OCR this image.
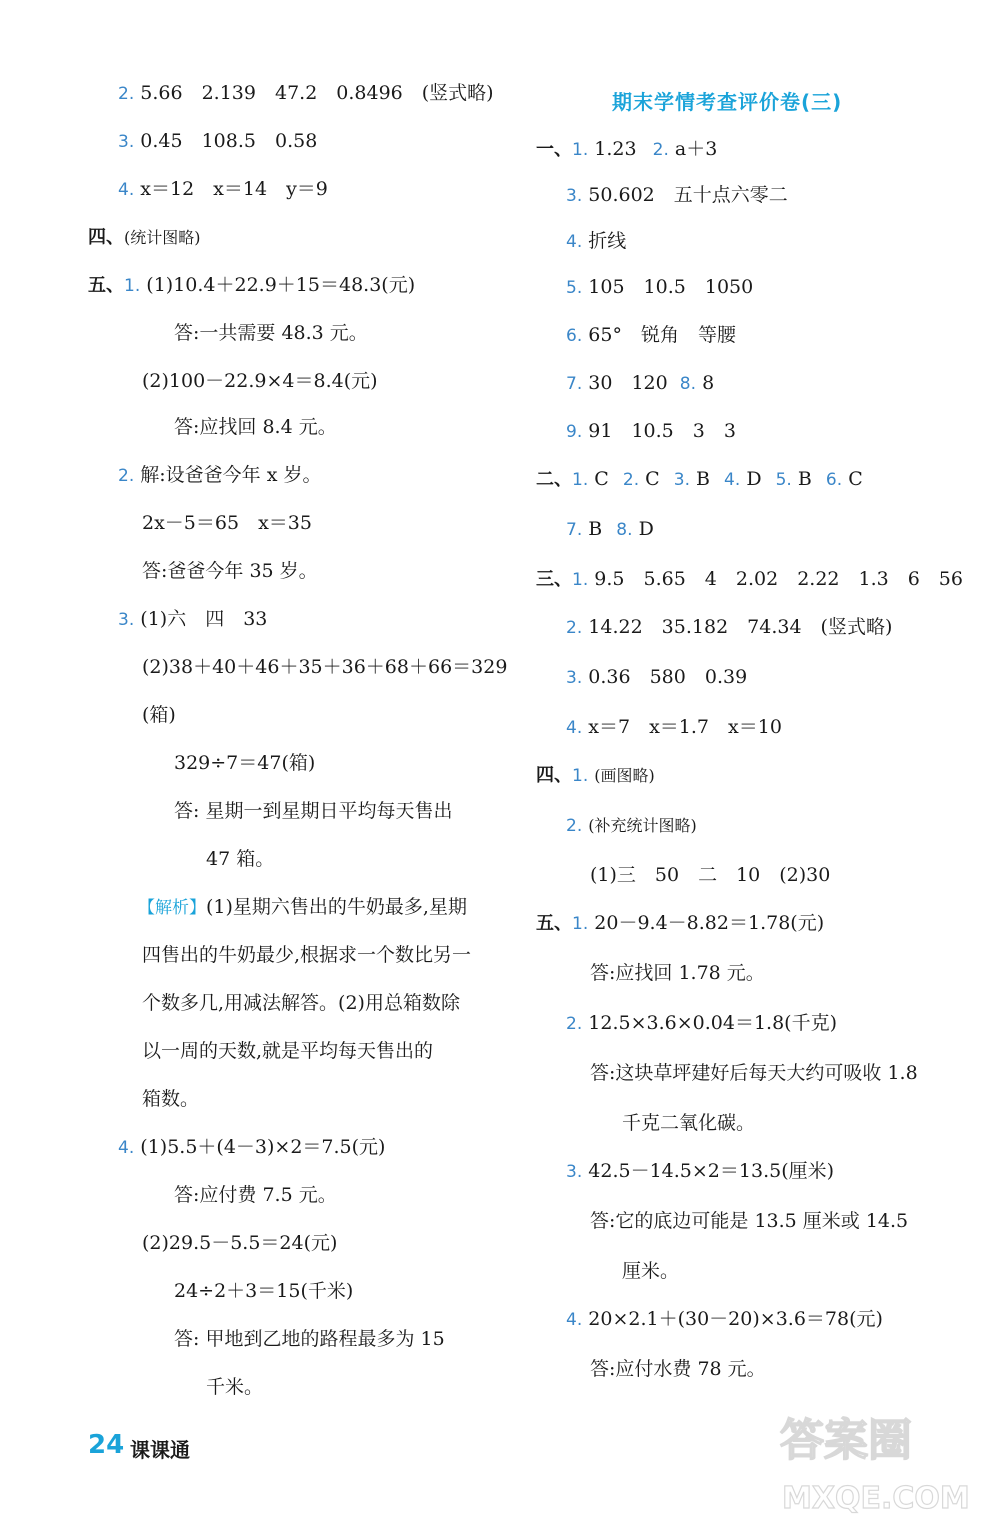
期末学情考查评价卷(三)
2. 5.66　2.139　47.2　0.8496　(竖式略)
3. 0.45　108.5　0.58
4. x＝12　x＝14　y＝9
四、(统计图略)
五、1. (1)10.4＋22.9＋15＝48.3(元)
答:一共需要 48.3 元。
(2)100－22.9×4＝8.4(元)
答:应找回 8.4 元。
2. 解:设爸爸今年 x 岁。
2x－5＝65　x＝35
答:爸爸今年 35 岁。
3. (1)六　四　33
(2)38＋40＋46＋35＋36＋68＋66＝329
(箱)
329÷7＝47(箱)
答: 星期一到星期日平均每天售出
47 箱。
【解析】(1)星期六售出的牛奶最多,星期
四售出的牛奶最少,根据求一个数比另一
个数多几,用减法解答。(2)用总箱数除
以一周的天数,就是平均每天售出的
箱数。
4. (1)5.5＋(4－3)×2＝7.5(元)
答:应付费 7.5 元。
(2)29.5－5.5＝24(元)
24÷2＋3＝15(千米)
答: 甲地到乙地的路程最多为 15
千米。
一、1. 1.23 2. a＋3
3. 50.602　五十点六零二
4. 折线
5. 105　10.5　1050
6. 65°　锐角　等腰
7. 30　120 8. 8
9. 91　10.5　3　3
二、1. C 2. C 3. B 4. D 5. B 6. C
7. B 8. D
三、1. 9.5　5.65　4　2.02　2.22　1.3　6　56
2. 14.22　35.182　74.34　(竖式略)
3. 0.36　580　0.39
4. x＝7　x＝1.7　x＝10
四、1. (画图略)
2. (补充统计图略)
(1)三　50　二　10　(2)30
五、1. 20－9.4－8.82＝1.78(元)
答:应找回 1.78 元。
2. 12.5×3.6×0.04＝1.8(千克)
答:这块草坪建好后每天大约可吸收 1.8
千克二氧化碳。
3. 42.5－14.5×2＝13.5(厘米)
答:它的底边可能是 13.5 厘米或 14.5
厘米。
4. 20×2.1＋(30－20)×3.6＝78(元)
答:应付水费 78 元。
24 课课通	答案圈
MXQE.COM
